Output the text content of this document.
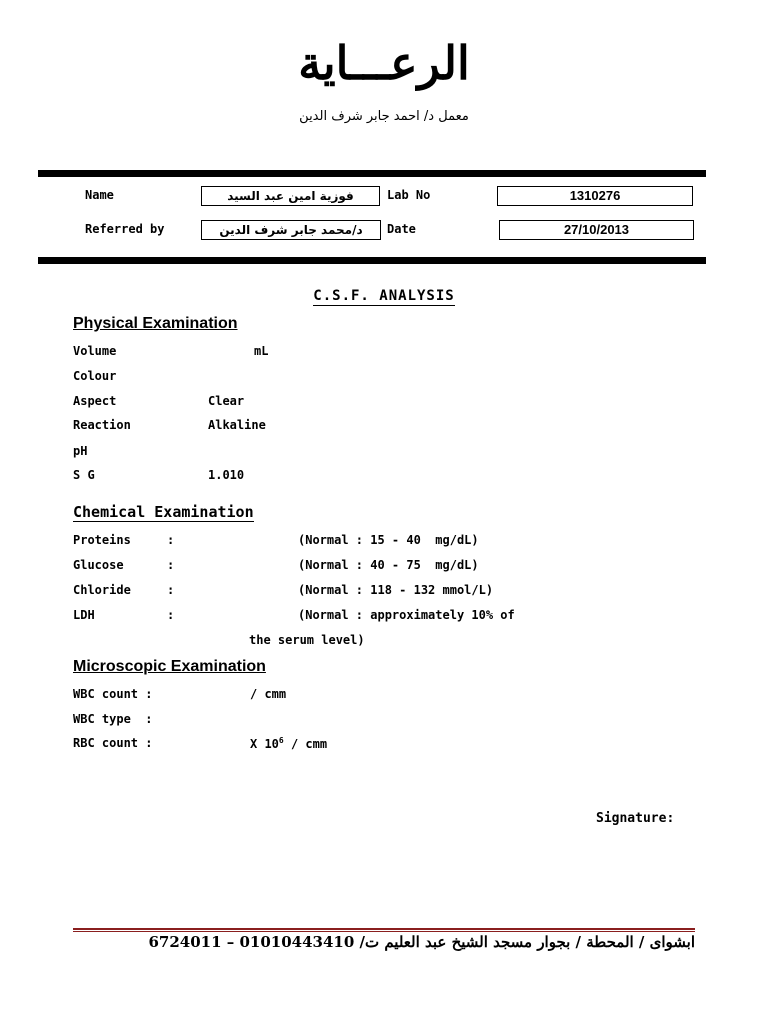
الرعـــاية
معمل د/ احمد جابر شرف الدين
Name	فوزية امين عبد السيد	Lab No	1310276
Referred by	د/محمد جابر شرف الدين	Date	27/10/2013
C.S.F. ANALYSIS
Physical Examination
Volume	mL
Colour
Aspect	Clear
Reaction	Alkaline
pH
S G	1.010
Chemical Examination
Proteins	:	(Normal : 15 - 40  mg/dL)
Glucose	:	(Normal : 40 - 75  mg/dL)
Chloride	:	(Normal : 118 - 132 mmol/L)
LDH	:	(Normal : approximately 10% of
the serum level)
Microscopic Examination
WBC count :	/ cmm
WBC type  :
RBC count :	X $10^6$ / cmm
Signature:
ابشواى / المحطة / بجوار مسجد الشيخ عبد العليم ت/ 01010443410 – 6724011
